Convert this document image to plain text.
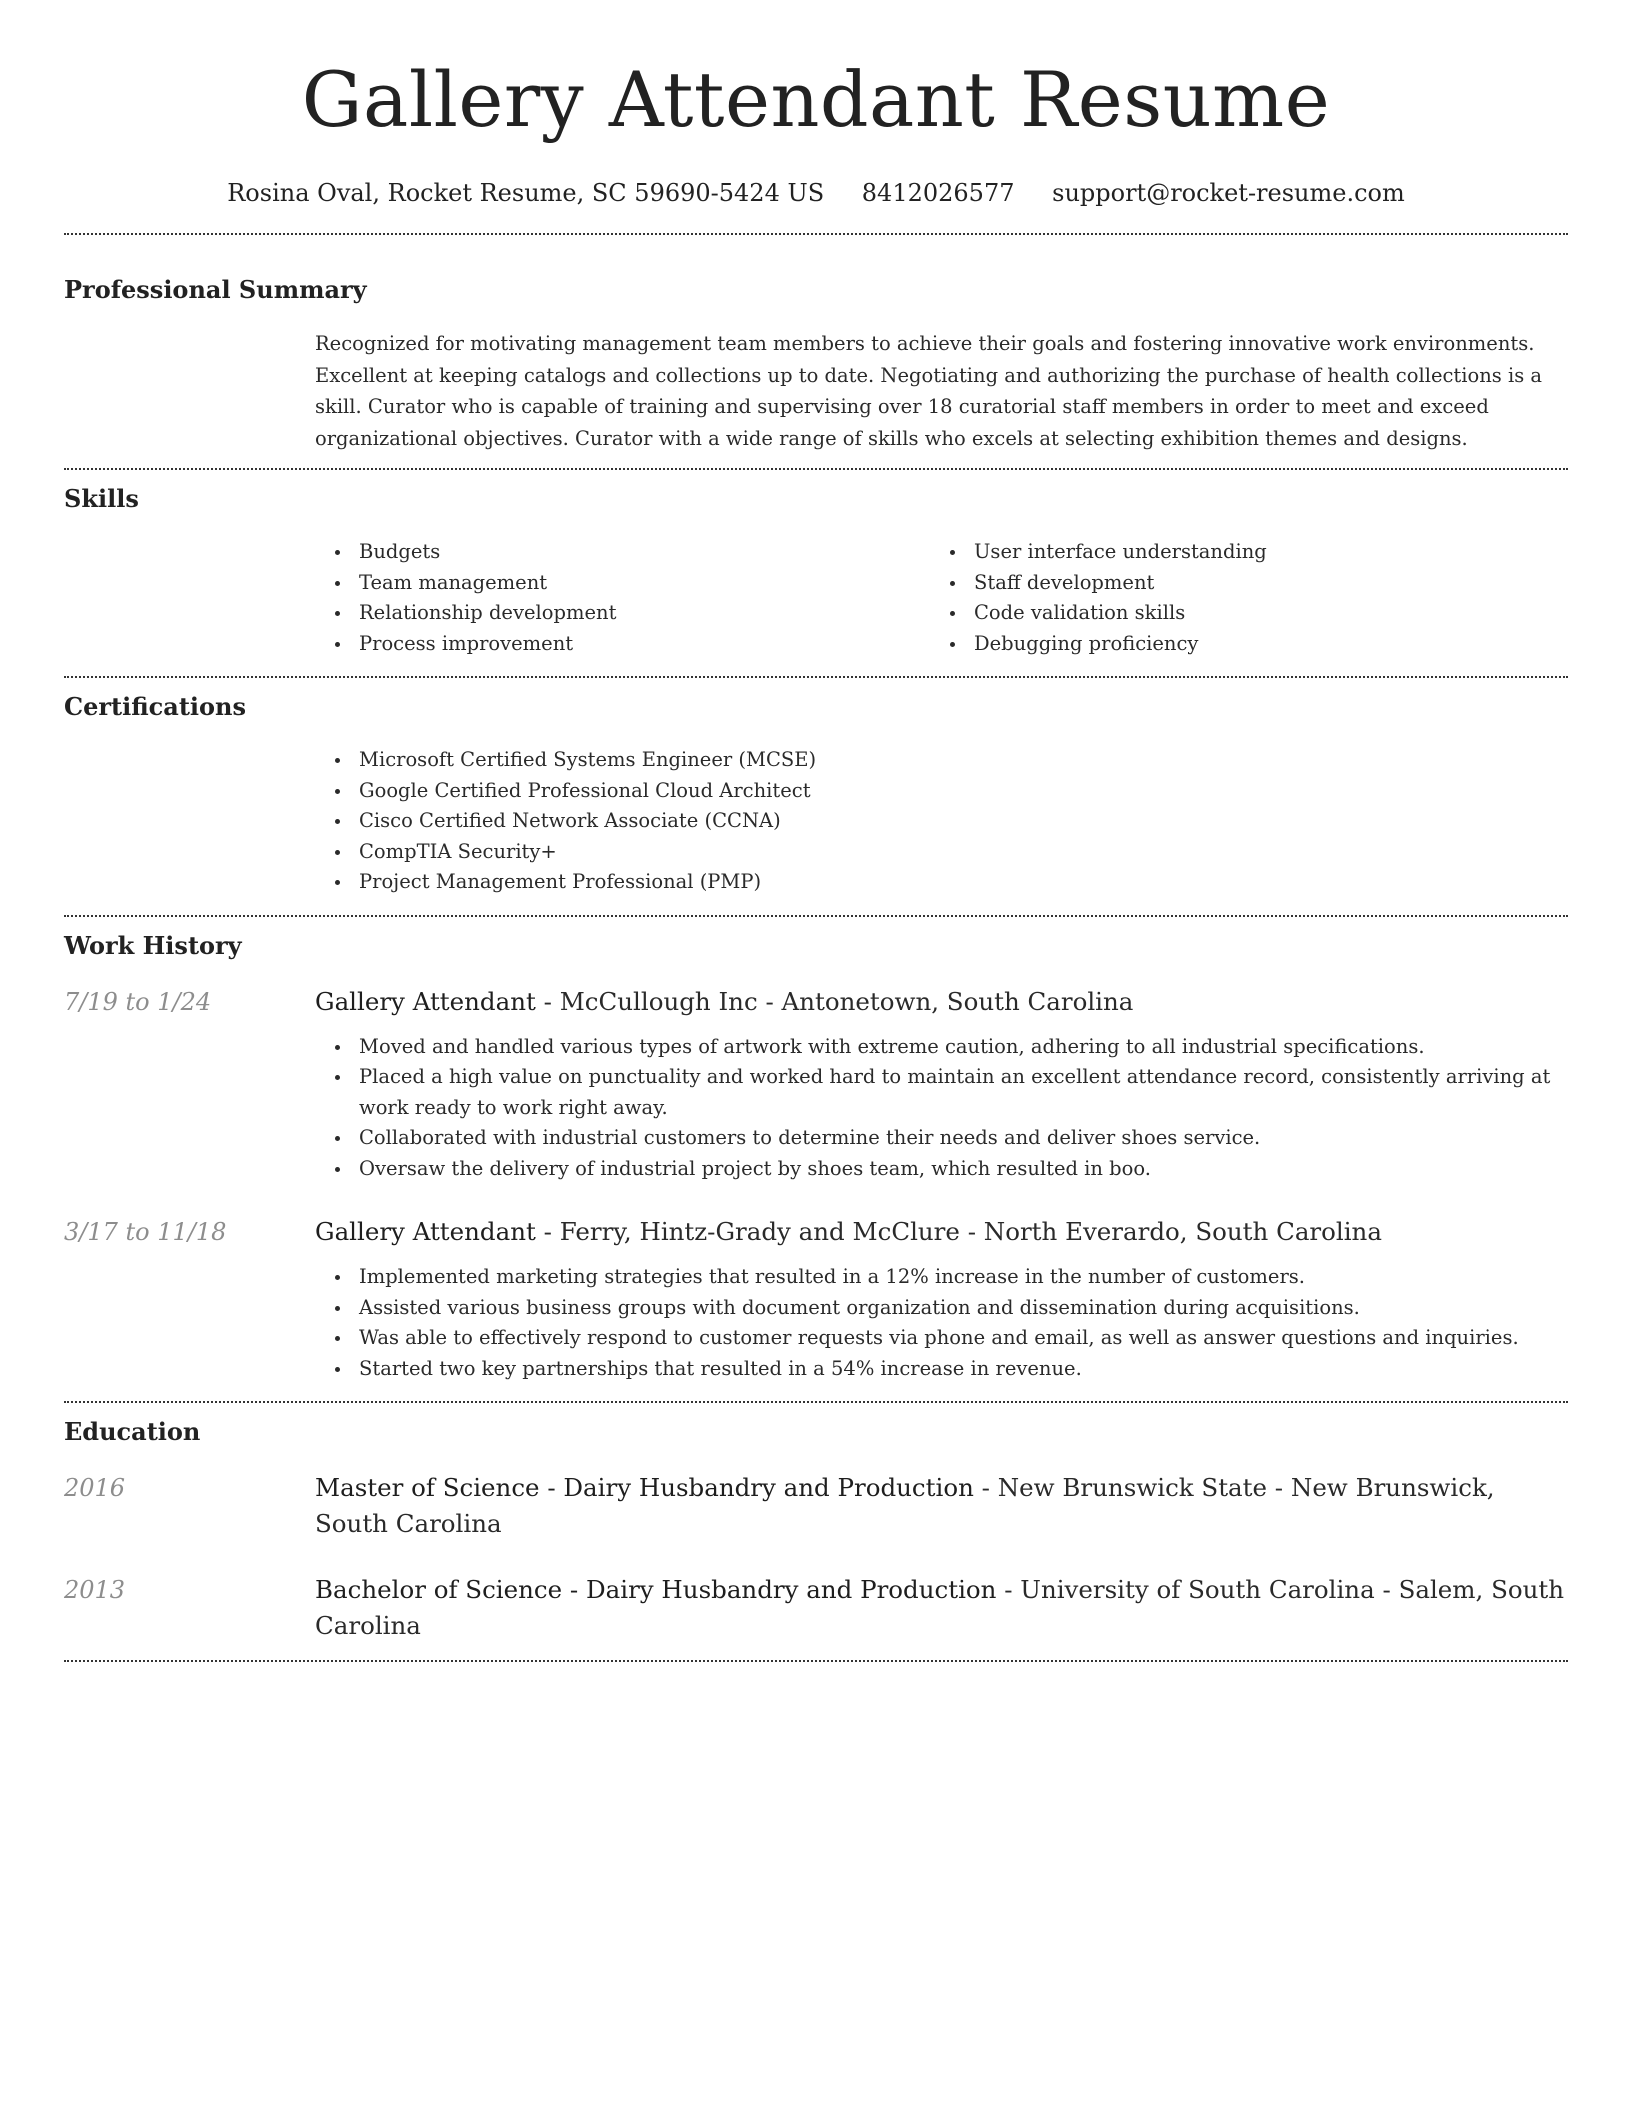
Gallery Attendant Resume
Rosina Oval, Rocket Resume, SC 59690-5424 US 8412026577 support@rocket-resume.com
Professional Summary

Recognized for motivating management team members to achieve their goals and fostering innovative work environments. Excellent at keeping catalogs and collections up to date. Negotiating and authorizing the purchase of health collections is a skill. Curator who is capable of training and supervising over 18 curatorial staff members in order to meet and exceed organizational objectives. Curator with a wide range of skills who excels at selecting exhibition themes and designs.

Skills
Budgets
Team management
Relationship development
Process improvement
User interface understanding
Staff development
Code validation skills
Debugging proficiency
Certifications
Microsoft Certified Systems Engineer (MCSE)
Google Certified Professional Cloud Architect
Cisco Certified Network Associate (CCNA)
CompTIA Security+
Project Management Professional (PMP)
Work History
7/19 to 1/24	Gallery Attendant - McCullough Inc - Antonetown, South Carolina
Moved and handled various types of artwork with extreme caution, adhering to all industrial specifications.
Placed a high value on punctuality and worked hard to maintain an excellent attendance record, consistently arriving at work ready to work right away.
Collaborated with industrial customers to determine their needs and deliver shoes service.
Oversaw the delivery of industrial project by shoes team, which resulted in boo.
3/17 to 11/18	Gallery Attendant - Ferry, Hintz-Grady and McClure - North Everardo, South Carolina
Implemented marketing strategies that resulted in a 12% increase in the number of customers.
Assisted various business groups with document organization and dissemination during acquisitions.
Was able to effectively respond to customer requests via phone and email, as well as answer questions and inquiries.
Started two key partnerships that resulted in a 54% increase in revenue.
Education
2016	Master of Science - Dairy Husbandry and Production - New Brunswick State - New Brunswick, South Carolina
2013	Bachelor of Science - Dairy Husbandry and Production - University of South Carolina - Salem, South Carolina
